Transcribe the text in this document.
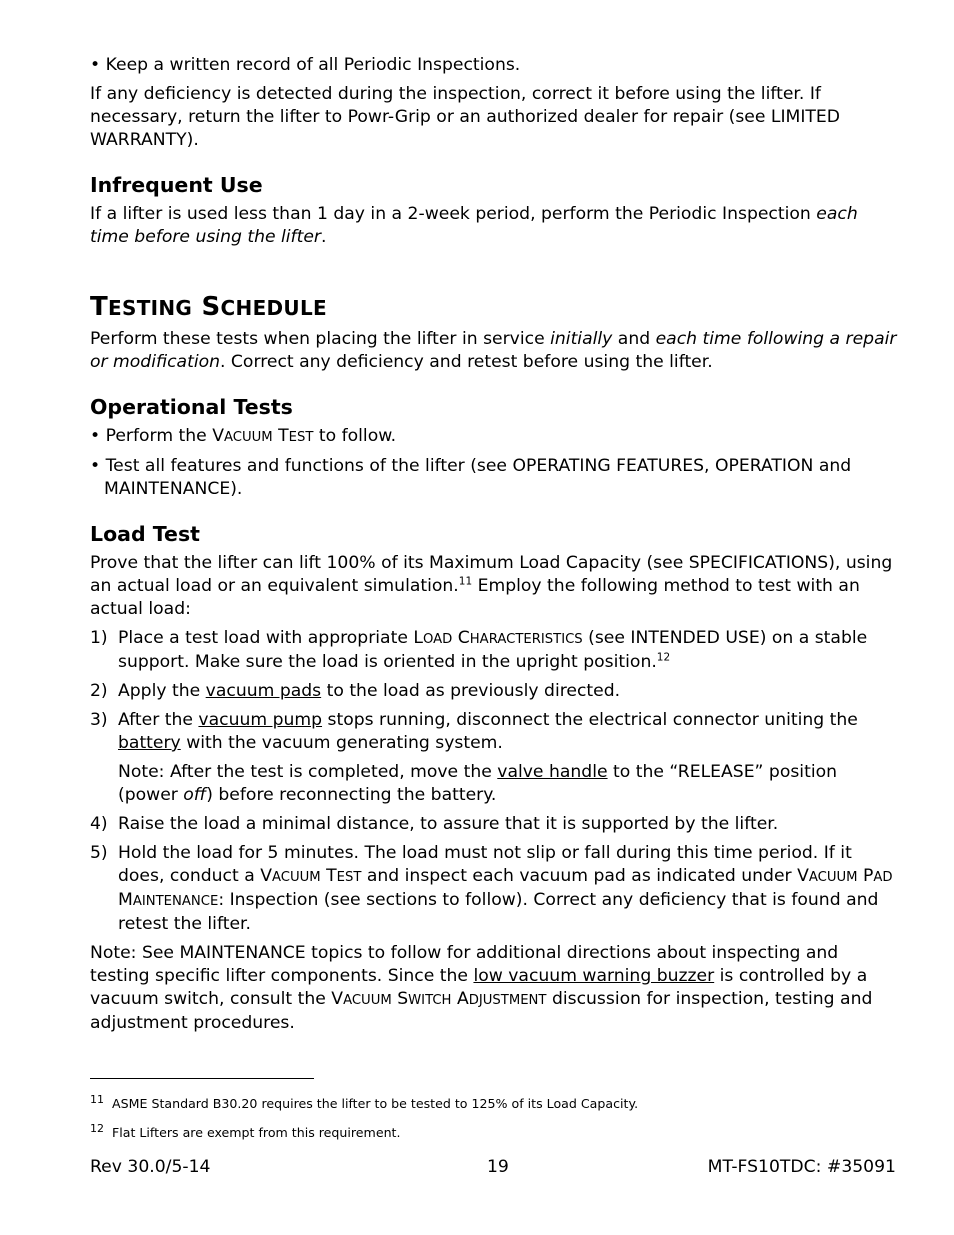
• Keep a written record of all Periodic Inspections.

If any deficiency is detected during the inspection, correct it before using the lifter. If necessary, return the lifter to Powr-Grip or an authorized dealer for repair (see LIMITED WARRANTY).

Infrequent Use

If a lifter is used less than 1 day in a 2-week period, perform the Periodic Inspection each time before using the lifter.

TESTING SCHEDULE

Perform these tests when placing the lifter in service initially and each time following a repair or modification. Correct any deficiency and retest before using the lifter.

Operational Tests

• Perform the VACUUM TEST to follow.

• Test all features and functions of the lifter (see OPERATING FEATURES, OPERATION and MAINTENANCE).

Load Test

Prove that the lifter can lift 100% of its Maximum Load Capacity (see SPECIFICATIONS), using an actual load or an equivalent simulation.$^{11}$ Employ the following method to test with an actual load:

1) Place a test load with appropriate LOAD CHARACTERISTICS (see INTENDED USE) on a stable support. Make sure the load is oriented in the upright position.$^{12}$
2) Apply the vacuum pads to the load as previously directed.
3) After the vacuum pump stops running, disconnect the electrical connector uniting the battery with the vacuum generating system.
Note: After the test is completed, move the valve handle to the “RELEASE” position (power off) before reconnecting the battery.
4) Raise the load a minimal distance, to assure that it is supported by the lifter.
5) Hold the load for 5 minutes. The load must not slip or fall during this time period. If it does, conduct a VACUUM TEST and inspect each vacuum pad as indicated under VACUUM PAD MAINTENANCE: Inspection (see sections to follow). Correct any deficiency that is found and retest the lifter.

Note: See MAINTENANCE topics to follow for additional directions about inspecting and testing specific lifter components. Since the low vacuum warning buzzer is controlled by a vacuum switch, consult the VACUUM SWITCH ADJUSTMENT discussion for inspection, testing and adjustment procedures.

$^{11}$ ASME Standard B30.20 requires the lifter to be tested to 125% of its Load Capacity.
$^{12}$ Flat Lifters are exempt from this requirement.
Rev 30.0/5-14	19	MT-FS10TDC: #35091
